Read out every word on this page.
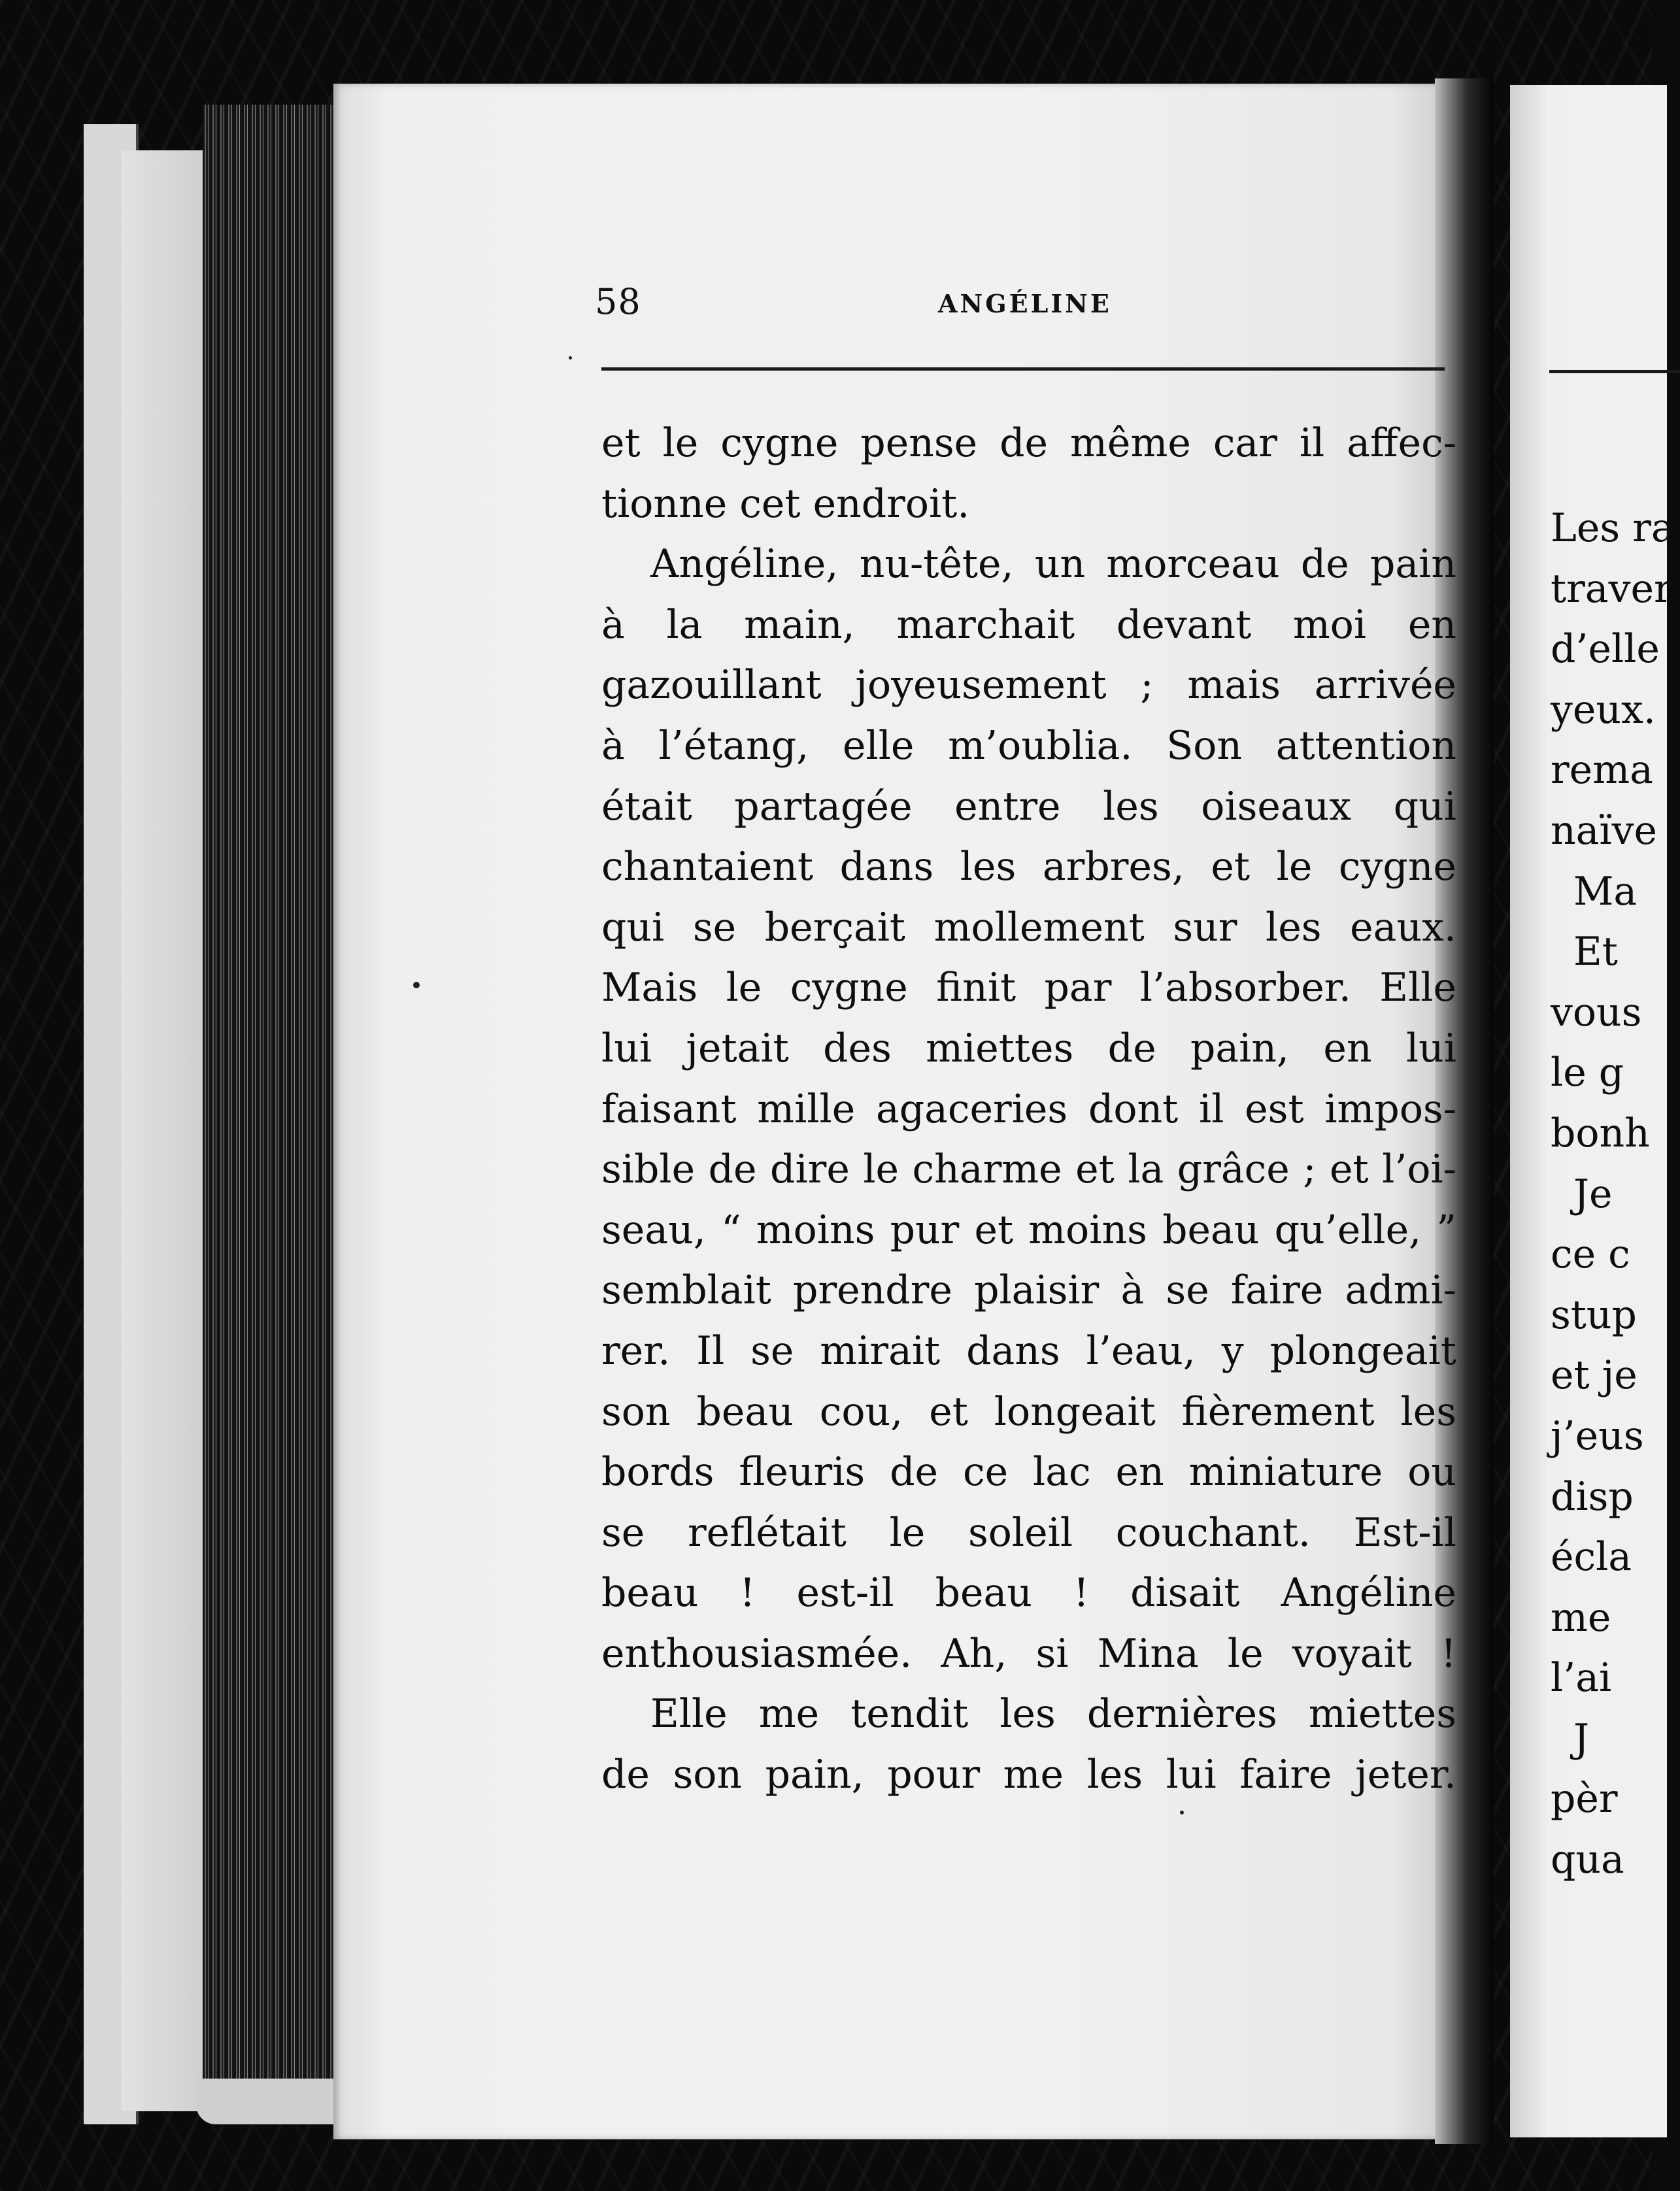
Les ra
traver
d’elle
yeux.
rema
naïve
Ma
Et
vous
le g
bonh
Je
ce c
stup
et je
j’eus
disp
écla
me
l’ai
J
pèr
qua
58	ANGÉLINE
et le cygne pense de même car il affec-
tionne cet endroit.
Angéline, nu-tête, un morceau de pain
à la main, marchait devant moi en
gazouillant joyeusement ; mais arrivée
à l’étang, elle m’oublia. Son attention
était partagée entre les oiseaux qui
chantaient dans les arbres, et le cygne
qui se berçait mollement sur les eaux.
Mais le cygne finit par l’absorber. Elle
lui jetait des miettes de pain, en lui
faisant mille agaceries dont il est impos-
sible de dire le charme et la grâce ; et l’oi-
seau, “ moins pur et moins beau qu’elle, ”
semblait prendre plaisir à se faire admi-
rer. Il se mirait dans l’eau, y plongeait
son beau cou, et longeait fièrement les
bords fleuris de ce lac en miniature ou
se reflétait le soleil couchant. Est-il
beau ! est-il beau ! disait Angéline
enthousiasmée. Ah, si Mina le voyait !
Elle me tendit les dernières miettes
de son pain, pour me les lui faire jeter.
